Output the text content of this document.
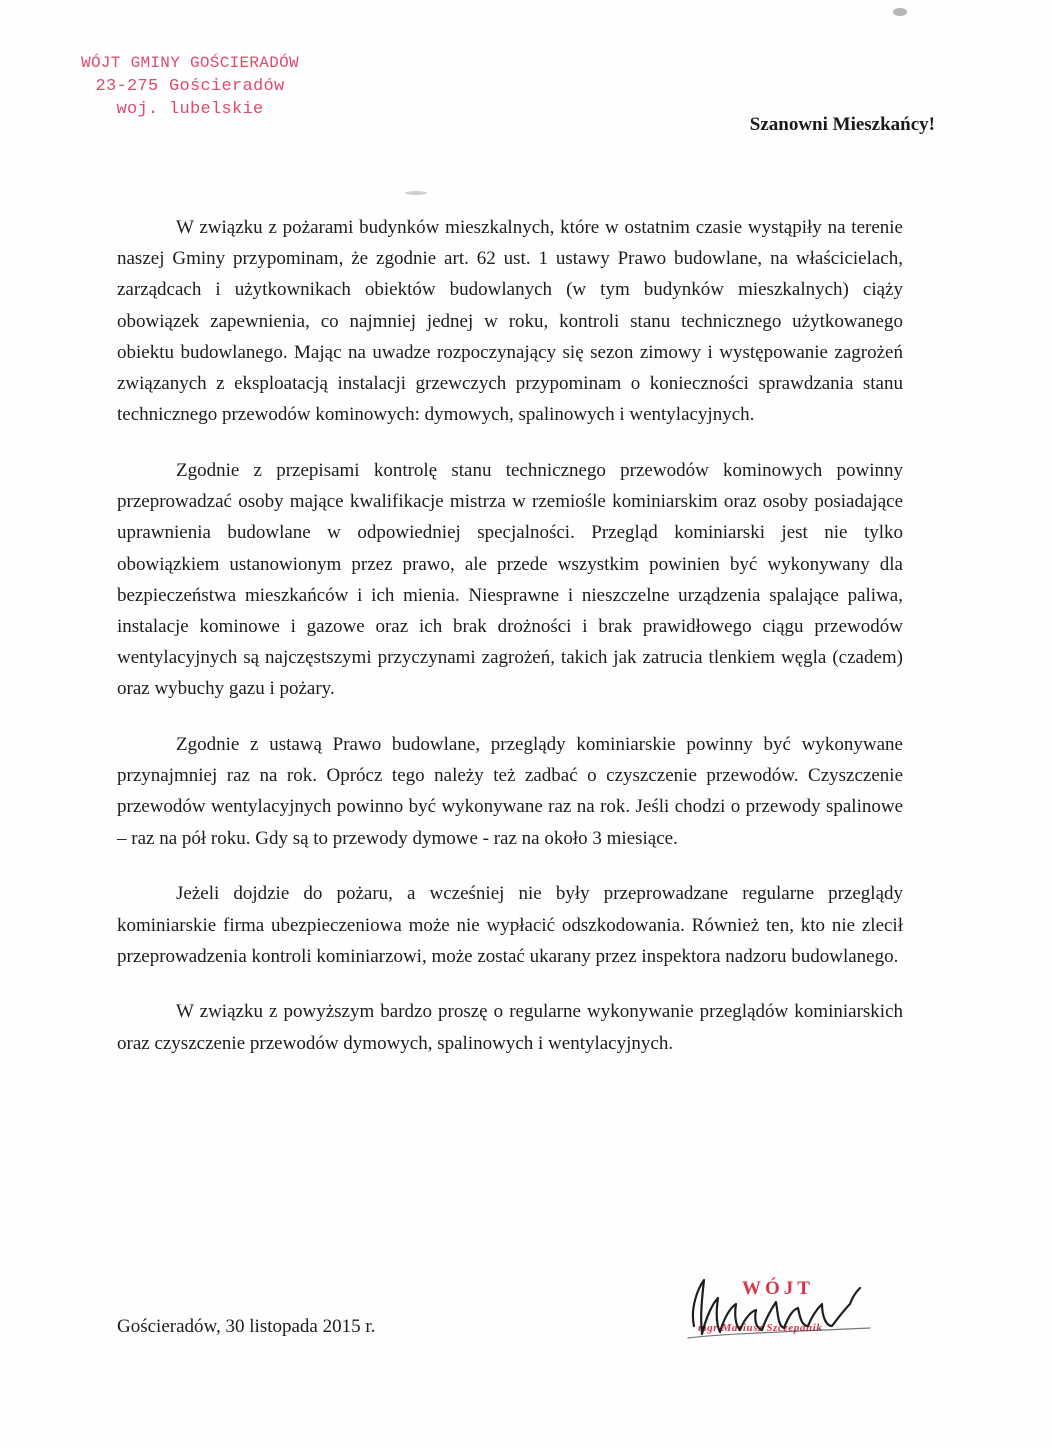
WÓJT GMINY GOŚCIERADÓW
23-275 Gościeradów
woj. lubelskie
Szanowni Mieszkańcy!

W związku z pożarami budynków mieszkalnych, które w ostatnim czasie wystąpiły na terenie naszej Gminy przypominam, że zgodnie art. 62 ust. 1 ustawy Prawo budowlane, na właścicielach, zarządcach i użytkownikach obiektów budowlanych (w tym budynków mieszkalnych) ciąży obowiązek zapewnienia, co najmniej jednej w roku, kontroli stanu technicznego użytkowanego obiektu budowlanego. Mając na uwadze rozpoczynający się sezon zimowy i występowanie zagrożeń związanych z eksploatacją instalacji grzewczych przypominam o konieczności sprawdzania stanu technicznego przewodów kominowych: dymowych, spalinowych i wentylacyjnych.

Zgodnie z przepisami kontrolę stanu technicznego przewodów kominowych powinny przeprowadzać osoby mające kwalifikacje mistrza w rzemiośle kominiarskim oraz osoby posiadające uprawnienia budowlane w odpowiedniej specjalności. Przegląd kominiarski jest nie tylko obowiązkiem ustanowionym przez prawo, ale przede wszystkim powinien być wykonywany dla bezpieczeństwa mieszkańców i ich mienia. Niesprawne i nieszczelne urządzenia spalające paliwa, instalacje kominowe i gazowe oraz ich brak drożności i brak prawidłowego ciągu przewodów wentylacyjnych są najczęstszymi przyczynami zagrożeń, takich jak zatrucia tlenkiem węgla (czadem) oraz wybuchy gazu i pożary.

Zgodnie z ustawą Prawo budowlane, przeglądy kominiarskie powinny być wykonywane przynajmniej raz na rok. Oprócz tego należy też zadbać o czyszczenie przewodów. Czyszczenie przewodów wentylacyjnych powinno być wykonywane raz na rok. Jeśli chodzi o przewody spalinowe – raz na pół roku. Gdy są to przewody dymowe - raz na około 3 miesiące.

Jeżeli dojdzie do pożaru, a wcześniej nie były przeprowadzane regularne przeglądy kominiarskie firma ubezpieczeniowa może nie wypłacić odszkodowania. Również ten, kto nie zlecił przeprowadzenia kontroli kominiarzowi, może zostać ukarany przez inspektora nadzoru budowlanego.

W związku z powyższym bardzo proszę o regularne wykonywanie przeglądów kominiarskich oraz czyszczenie przewodów dymowych, spalinowych i wentylacyjnych.

Gościeradów, 30 listopada 2015 r.
WÓJT
mgr Mariusz Szczepanik
